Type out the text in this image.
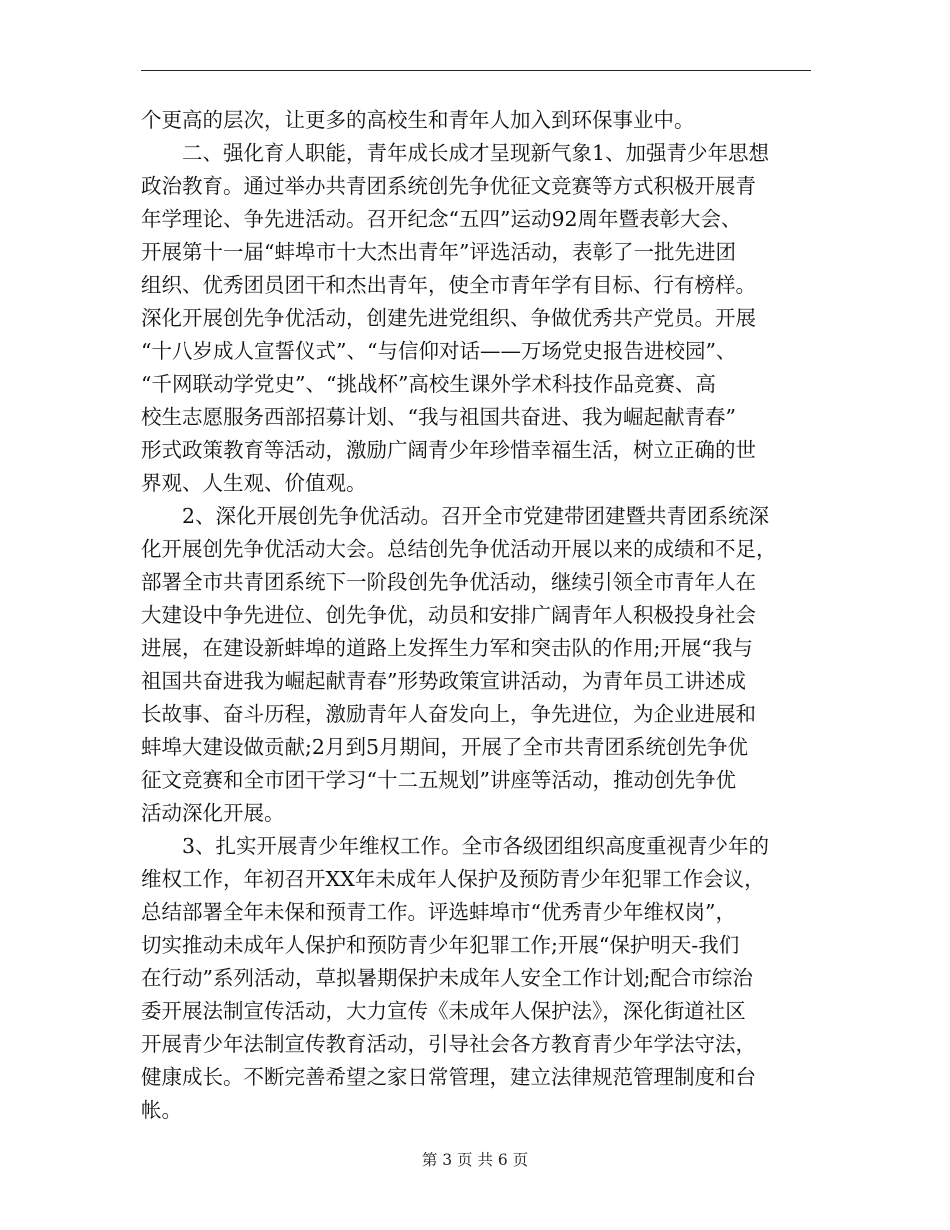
个更高的层次，让更多的高校生和青年人加入到环保事业中。
二、强化育人职能，青年成长成才呈现新气象1、加强青少年思想
政治教育。通过举办共青团系统创先争优征文竞赛等方式积极开展青
年学理论、争先进活动。召开纪念“五四”运动92周年暨表彰大会、
开展第十一届“蚌埠市十大杰出青年”评选活动，表彰了一批先进团
组织、优秀团员团干和杰出青年，使全市青年学有目标、行有榜样。
深化开展创先争优活动，创建先进党组织、争做优秀共产党员。开展
“十八岁成人宣誓仪式”、“与信仰对话——万场党史报告进校园”、
“千网联动学党史”、“挑战杯”高校生课外学术科技作品竞赛、高
校生志愿服务西部招募计划、“我与祖国共奋进、我为崛起献青春”
形式政策教育等活动，激励广阔青少年珍惜幸福生活，树立正确的世
界观、人生观、价值观。
2、深化开展创先争优活动。召开全市党建带团建暨共青团系统深
化开展创先争优活动大会。总结创先争优活动开展以来的成绩和不足，
部署全市共青团系统下一阶段创先争优活动，继续引领全市青年人在
大建设中争先进位、创先争优，动员和安排广阔青年人积极投身社会
进展，在建设新蚌埠的道路上发挥生力军和突击队的作用;开展“我与
祖国共奋进我为崛起献青春”形势政策宣讲活动，为青年员工讲述成
长故事、奋斗历程，激励青年人奋发向上，争先进位，为企业进展和
蚌埠大建设做贡献;2月到5月期间，开展了全市共青团系统创先争优
征文竞赛和全市团干学习“十二五规划”讲座等活动，推动创先争优
活动深化开展。
3、扎实开展青少年维权工作。全市各级团组织高度重视青少年的
维权工作，年初召开XX年未成年人保护及预防青少年犯罪工作会议，
总结部署全年未保和预青工作。评选蚌埠市“优秀青少年维权岗”，
切实推动未成年人保护和预防青少年犯罪工作;开展“保护明天-我们
在行动”系列活动，草拟暑期保护未成年人安全工作计划;配合市综治
委开展法制宣传活动，大力宣传《未成年人保护法》，深化街道社区
开展青少年法制宣传教育活动，引导社会各方教育青少年学法守法，
健康成长。不断完善希望之家日常管理，建立法律规范管理制度和台
帐。
第 3 页 共 6 页
